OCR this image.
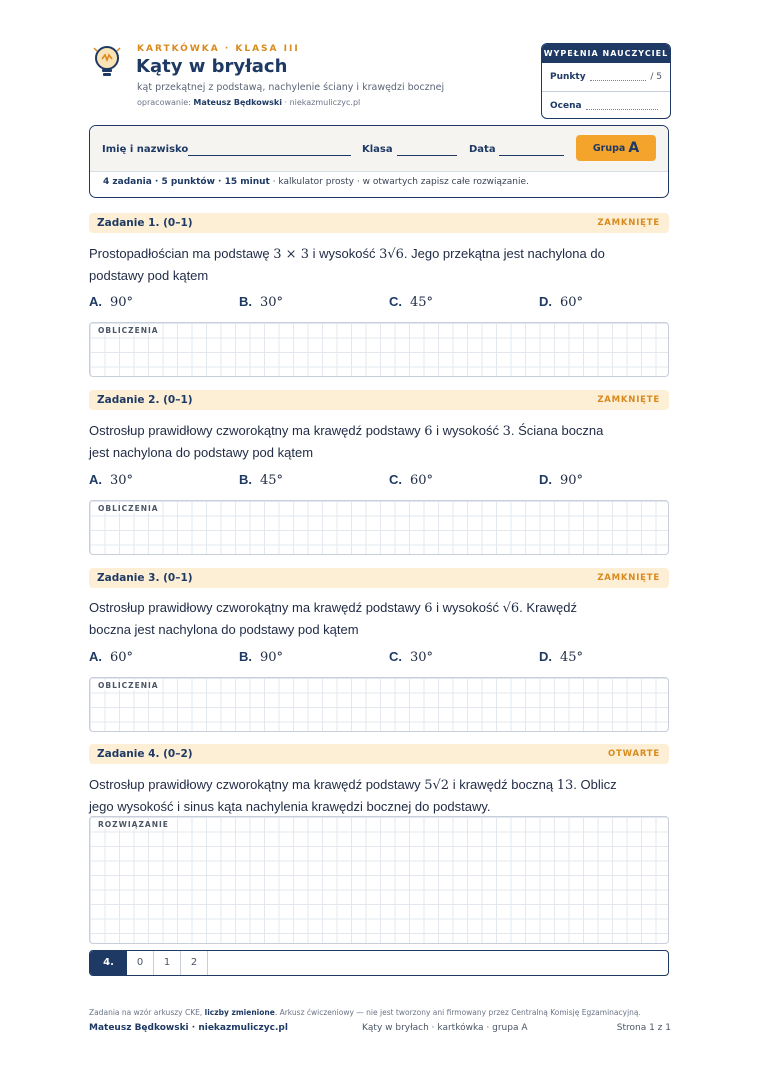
KARTKÓWKA · KLASA III
Kąty w bryłach
kąt przekątnej z podstawą, nachylenie ściany i krawędzi bocznej
opracowanie: Mateusz Będkowski · niekazmuliczyc.pl
WYPEŁNIA NAUCZYCIEL
Punkty	/ 5
Ocena
Imię i nazwisko	Klasa	Data	Grupa A
4 zadania · 5 punktów · 15 minut · kalkulator prosty · w otwartych zapisz całe rozwiązanie.
Zadanie 1. (0–1)	ZAMKNIĘTE
Prostopadłościan ma podstawę 3 × 3 i wysokość 3√6. Jego przekątna jest nachylona do
podstawy pod kątem
A. 90°	B. 30°	C. 45°	D. 60°
OBLICZENIA
Zadanie 2. (0–1)	ZAMKNIĘTE
Ostrosłup prawidłowy czworokątny ma krawędź podstawy 6 i wysokość 3. Ściana boczna
jest nachylona do podstawy pod kątem
A. 30°	B. 45°	C. 60°	D. 90°
OBLICZENIA
Zadanie 3. (0–1)	ZAMKNIĘTE
Ostrosłup prawidłowy czworokątny ma krawędź podstawy 6 i wysokość √6. Krawędź
boczna jest nachylona do podstawy pod kątem
A. 60°	B. 90°	C. 30°	D. 45°
OBLICZENIA
Zadanie 4. (0–2)	OTWARTE
Ostrosłup prawidłowy czworokątny ma krawędź podstawy 5√2 i krawędź boczną 13. Oblicz
jego wysokość i sinus kąta nachylenia krawędzi bocznej do podstawy.
ROZWIĄZANIE
4.	0	1	2
Zadania na wzór arkuszy CKE, liczby zmienione. Arkusz ćwiczeniowy — nie jest tworzony ani firmowany przez Centralną Komisję Egzaminacyjną.
Mateusz Będkowski · niekazmuliczyc.pl	Kąty w bryłach · kartkówka · grupa A	Strona 1 z 1
